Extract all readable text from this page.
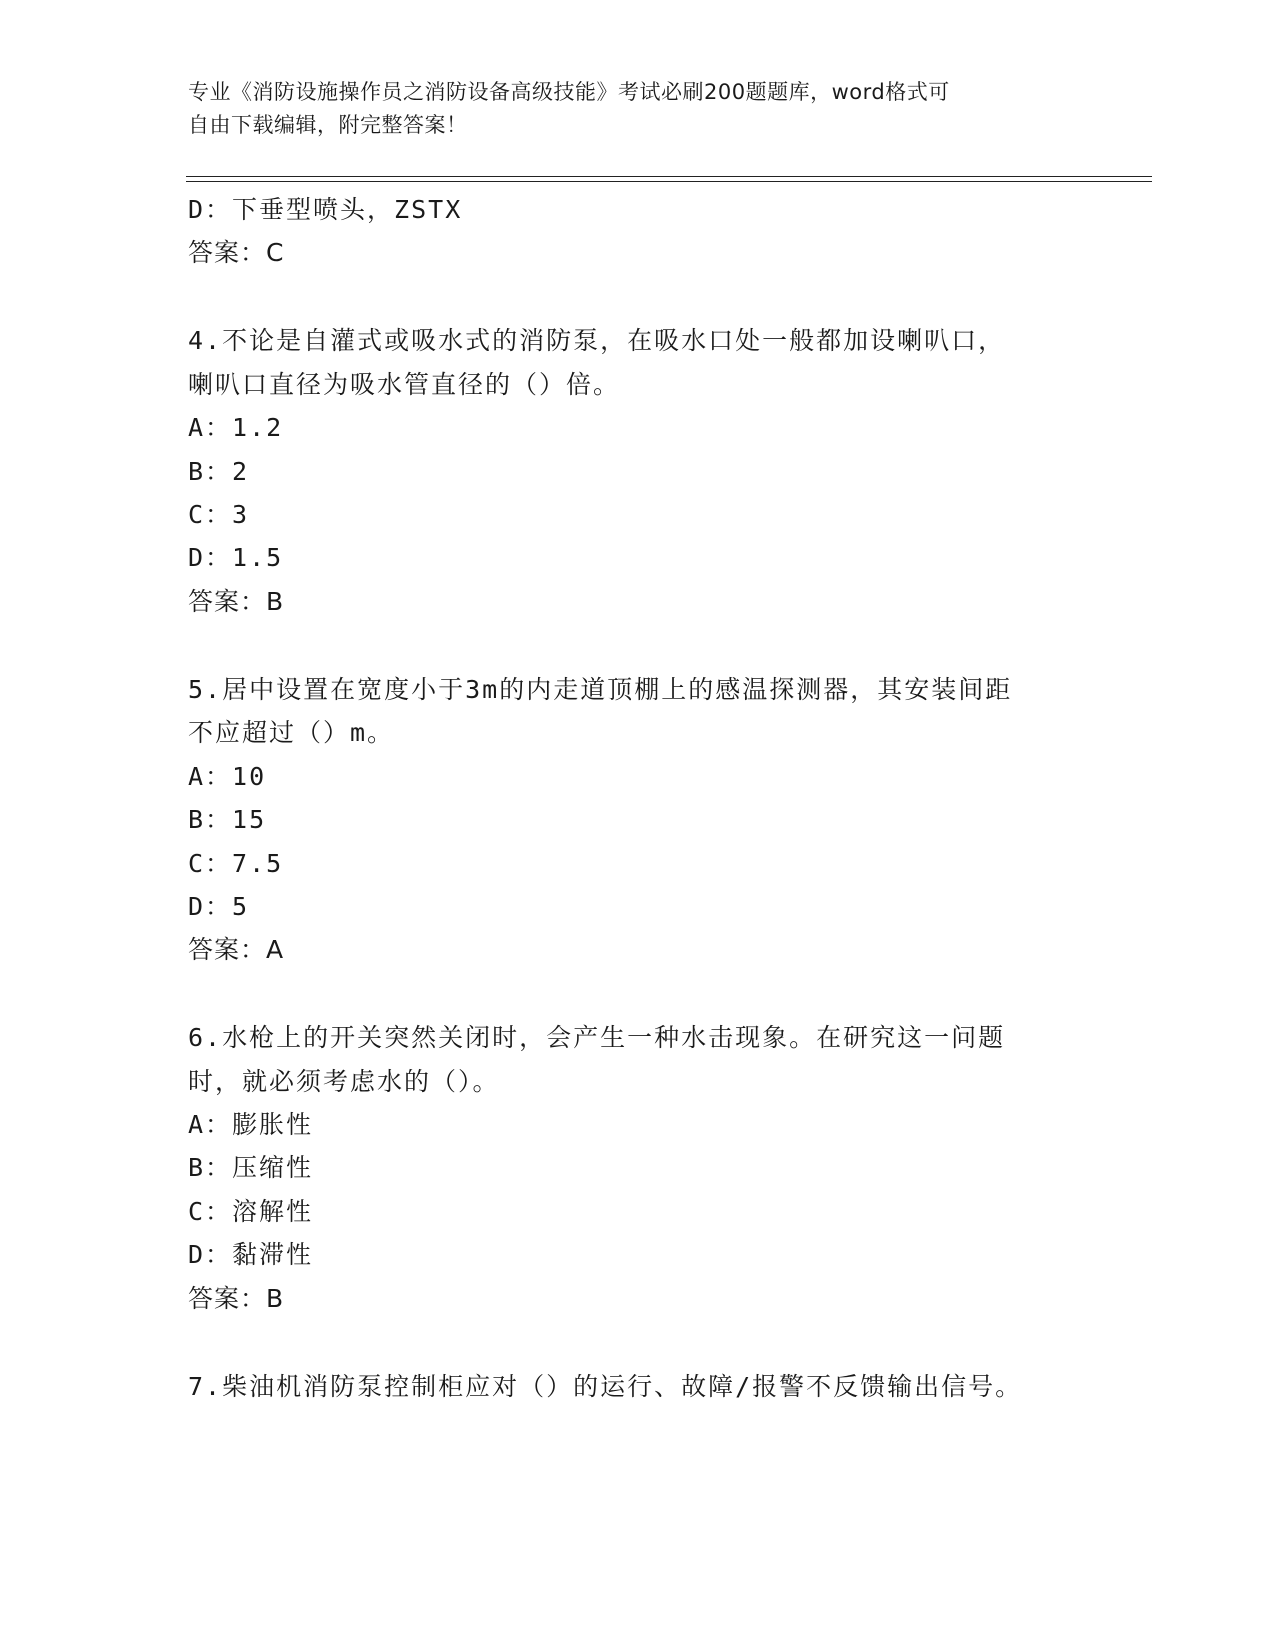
专业《消防设施操作员之消防设备高级技能》考试必刷200题题库，word格式可
自由下载编辑，附完整答案！
D：下垂型喷头，ZSTX
答案：C
4.不论是自灌式或吸水式的消防泵，在吸水口处一般都加设喇叭口，
喇叭口直径为吸水管直径的（）倍。
A：1.2
B：2
C：3
D：1.5
答案：B
5.居中设置在宽度小于3m的内走道顶棚上的感温探测器，其安装间距
不应超过（）m。
A：10
B：15
C：7.5
D：5
答案：A
6.水枪上的开关突然关闭时，会产生一种水击现象。在研究这一问题
时，就必须考虑水的（）。
A：膨胀性
B：压缩性
C：溶解性
D：黏滞性
答案：B
7.柴油机消防泵控制柜应对（）的运行、故障/报警不反馈输出信号。
